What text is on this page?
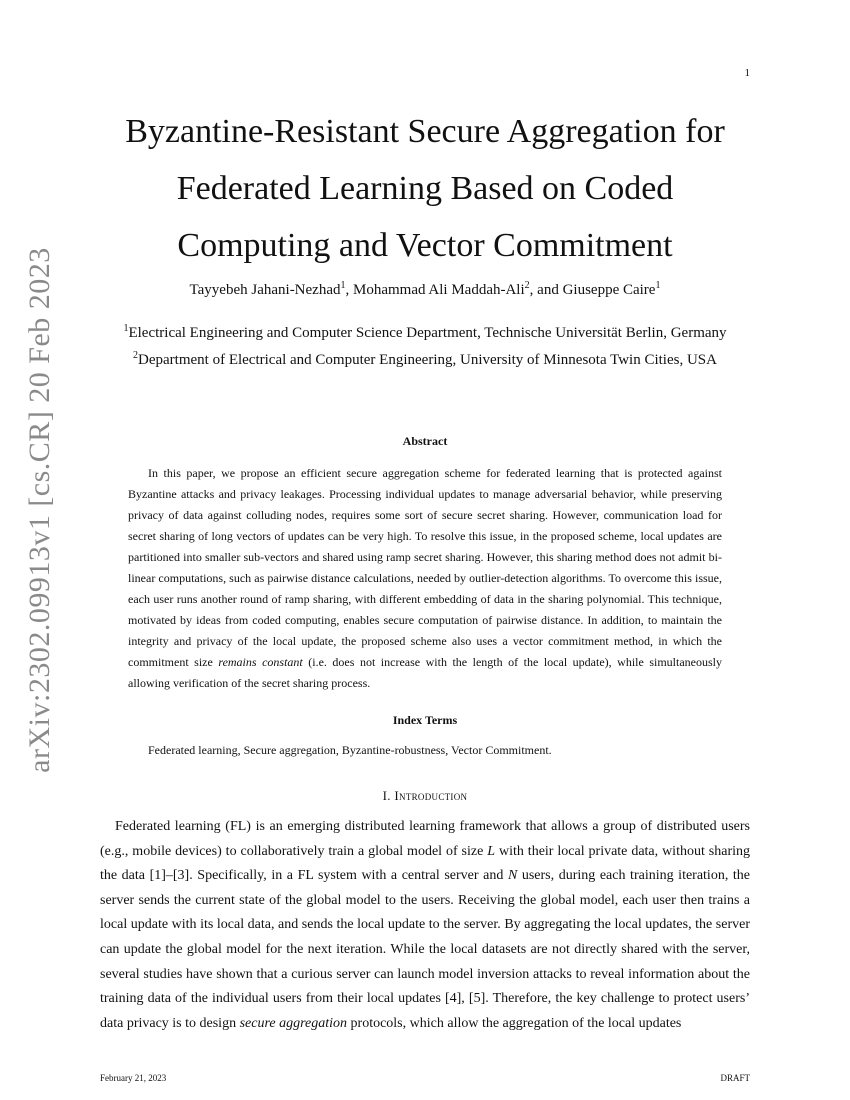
1
arXiv:2302.09913v1 [cs.CR] 20 Feb 2023
Byzantine-Resistant Secure Aggregation for Federated Learning Based on Coded Computing and Vector Commitment
Tayyebeh Jahani-Nezhad$^1$, Mohammad Ali Maddah-Ali$^2$, and Giuseppe Caire$^1$
$^1$Electrical Engineering and Computer Science Department, Technische Universität Berlin, Germany
$^2$Department of Electrical and Computer Engineering, University of Minnesota Twin Cities, USA
Abstract
In this paper, we propose an efficient secure aggregation scheme for federated learning that is protected against Byzantine attacks and privacy leakages. Processing individual updates to manage adversarial behavior, while preserving privacy of data against colluding nodes, requires some sort of secure secret sharing. However, communication load for secret sharing of long vectors of updates can be very high. To resolve this issue, in the proposed scheme, local updates are partitioned into smaller sub-vectors and shared using ramp secret sharing. However, this sharing method does not admit bi-linear computations, such as pairwise distance calculations, needed by outlier-detection algorithms. To overcome this issue, each user runs another round of ramp sharing, with different embedding of data in the sharing polynomial. This technique, motivated by ideas from coded computing, enables secure computation of pairwise distance. In addition, to maintain the integrity and privacy of the local update, the proposed scheme also uses a vector commitment method, in which the commitment size remains constant (i.e. does not increase with the length of the local update), while simultaneously allowing verification of the secret sharing process.
Index Terms
Federated learning, Secure aggregation, Byzantine-robustness, Vector Commitment.
I. Introduction
Federated learning (FL) is an emerging distributed learning framework that allows a group of distributed users (e.g., mobile devices) to collaboratively train a global model of size L with their local private data, without sharing the data [1]–[3]. Specifically, in a FL system with a central server and N users, during each training iteration, the server sends the current state of the global model to the users. Receiving the global model, each user then trains a local update with its local data, and sends the local update to the server. By aggregating the local updates, the server can update the global model for the next iteration. While the local datasets are not directly shared with the server, several studies have shown that a curious server can launch model inversion attacks to reveal information about the training data of the individual users from their local updates [4], [5]. Therefore, the key challenge to protect users’ data privacy is to design secure aggregation protocols, which allow the aggregation of the local updates
February 21, 2023	DRAFT
